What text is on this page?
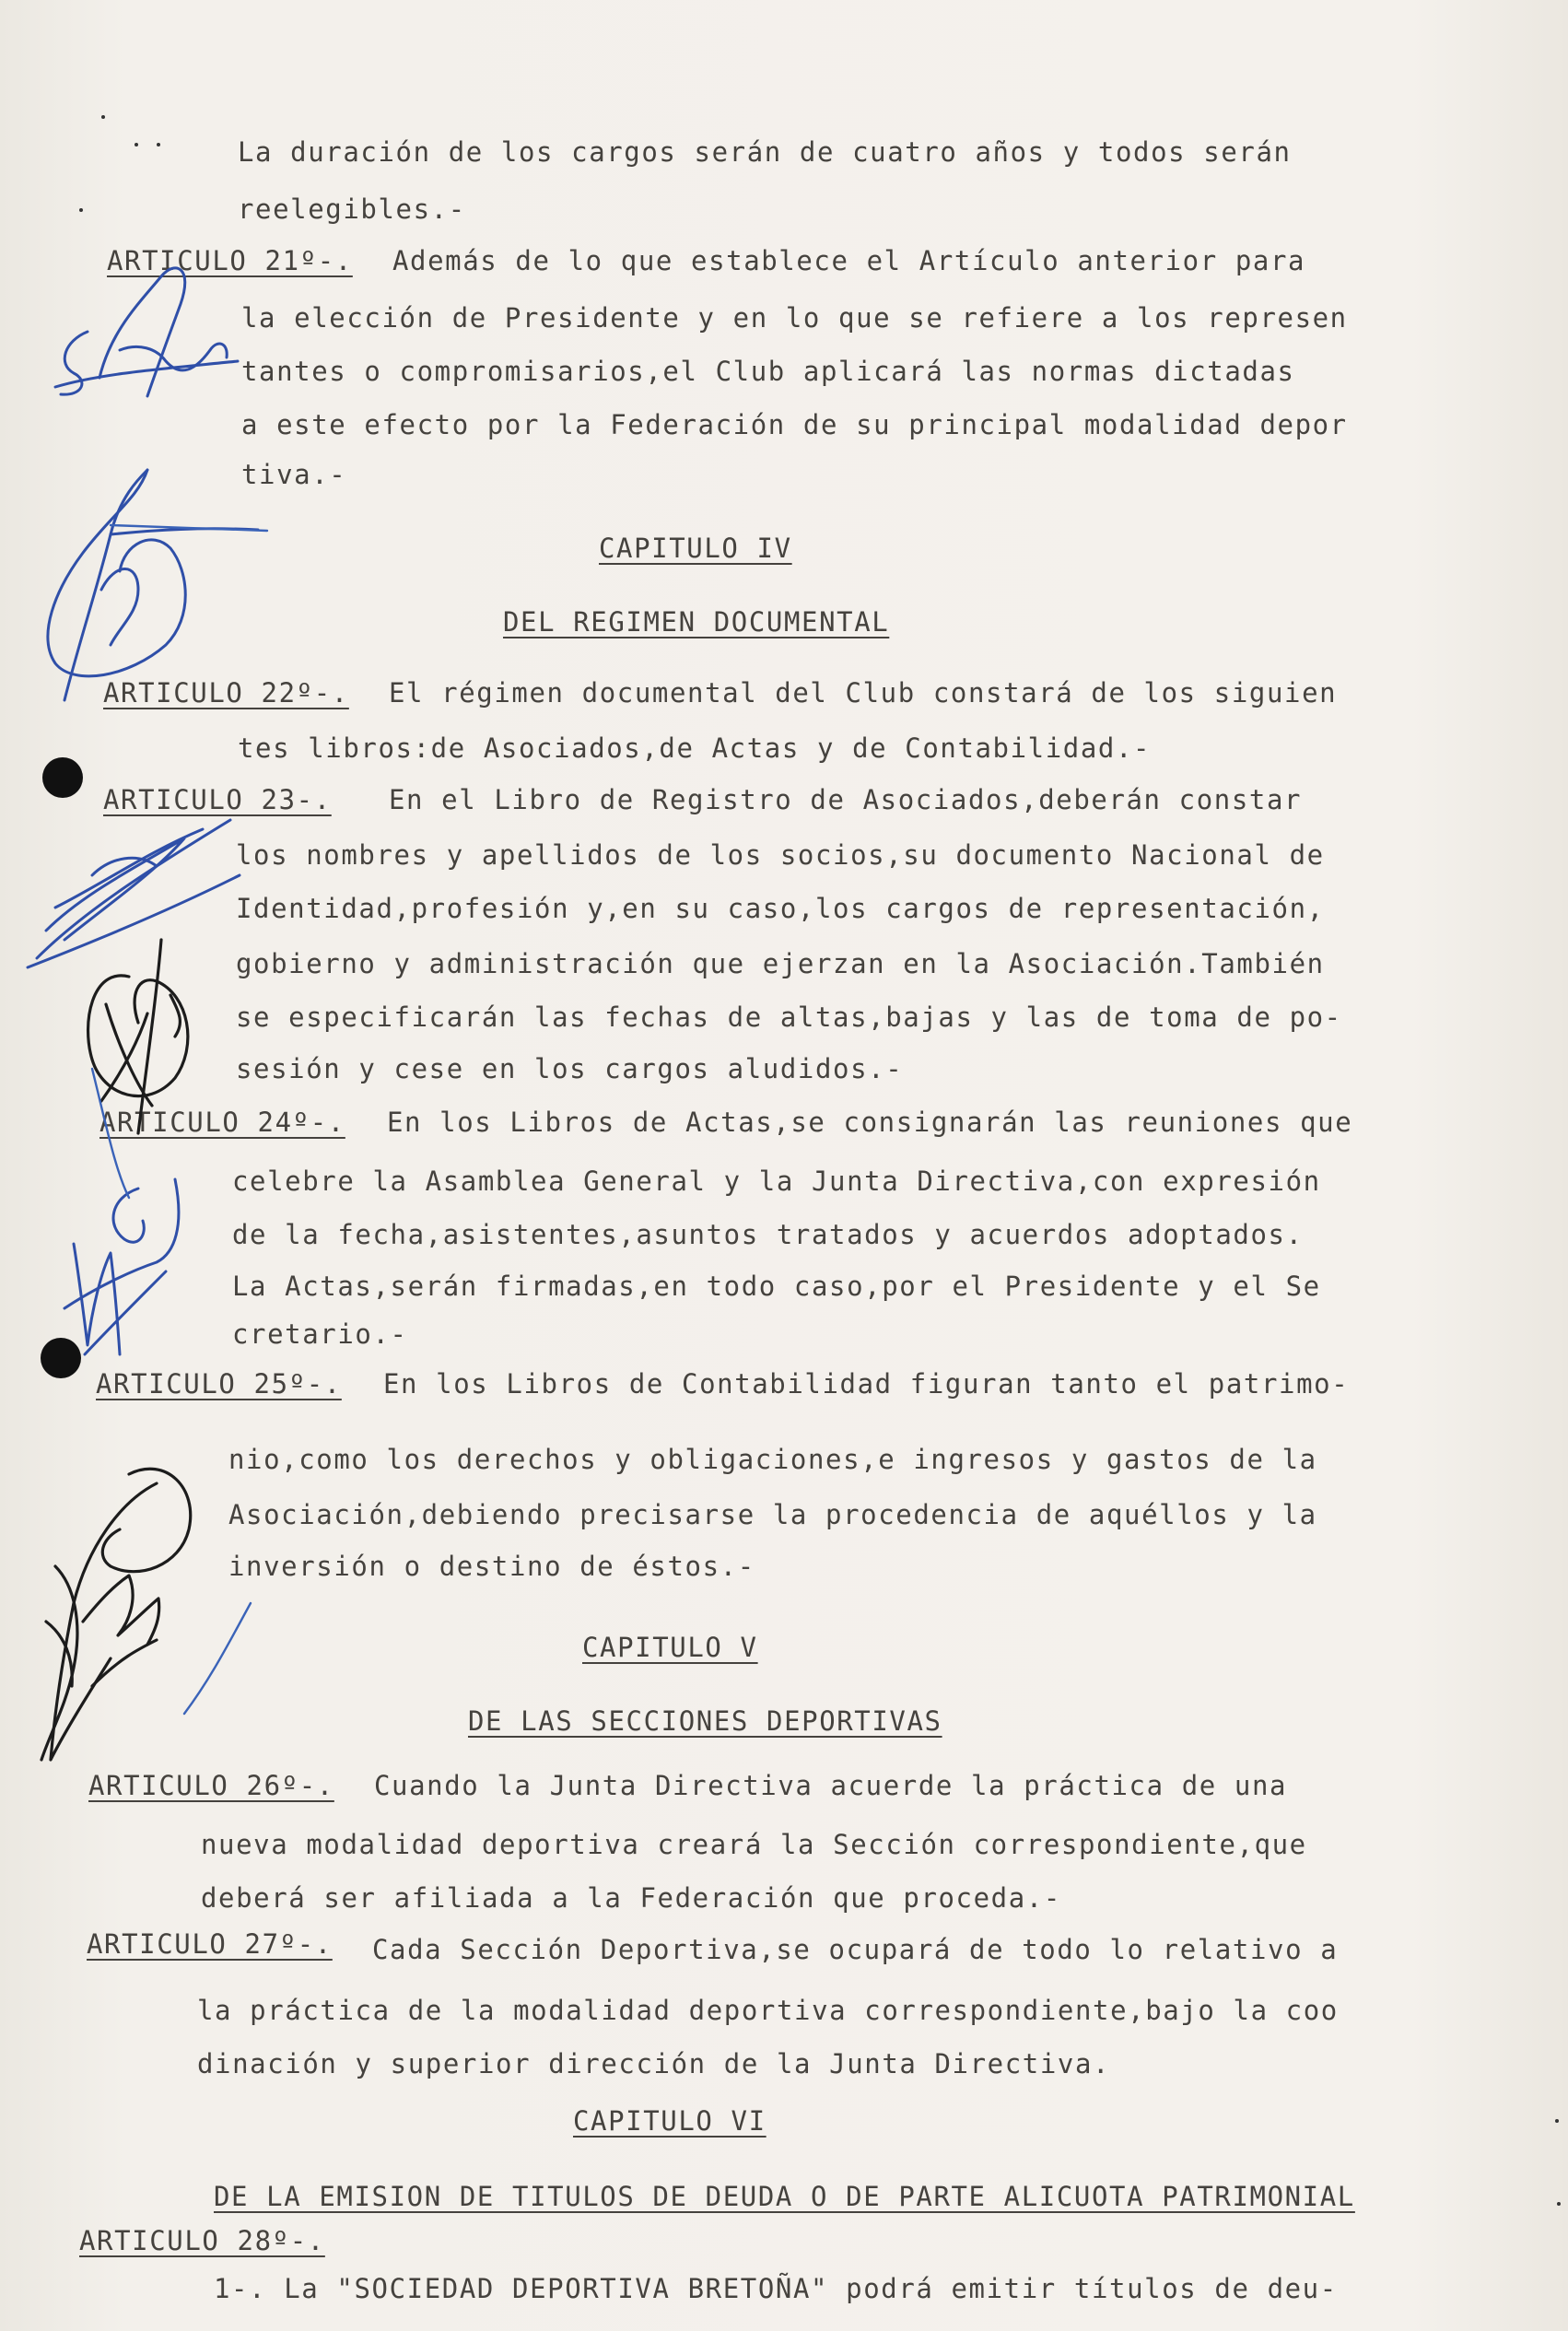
La duración de los cargos serán de cuatro años y todos serán
reelegibles.-
ARTICULO 21º-. Además de lo que establece el Artículo anterior para
la elección de Presidente y en lo que se refiere a los represen
tantes o compromisarios,el Club aplicará las normas dictadas
a este efecto por la Federación de su principal modalidad depor
tiva.-
CAPITULO IV
DEL REGIMEN DOCUMENTAL
ARTICULO 22º-. El régimen documental del Club constará de los siguien
tes libros:de Asociados,de Actas y de Contabilidad.-
ARTICULO 23-. En el Libro de Registro de Asociados,deberán constar
los nombres y apellidos de los socios,su documento Nacional de
Identidad,profesión y,en su caso,los cargos de representación,
gobierno y administración que ejerzan en la Asociación.También
se especificarán las fechas de altas,bajas y las de toma de po-
sesión y cese en los cargos aludidos.-
ARTICULO 24º-. En los Libros de Actas,se consignarán las reuniones que
celebre la Asamblea General y la Junta Directiva,con expresión
de la fecha,asistentes,asuntos tratados y acuerdos adoptados.
La Actas,serán firmadas,en todo caso,por el Presidente y el Se
cretario.-
ARTICULO 25º-. En los Libros de Contabilidad figuran tanto el patrimo-
nio,como los derechos y obligaciones,e ingresos y gastos de la
Asociación,debiendo precisarse la procedencia de aquéllos y la
inversión o destino de éstos.-
CAPITULO V
DE LAS SECCIONES DEPORTIVAS
ARTICULO 26º-. Cuando la Junta Directiva acuerde la práctica de una
nueva modalidad deportiva creará la Sección correspondiente,que
deberá ser afiliada a la Federación que proceda.-
ARTICULO 27º-. Cada Sección Deportiva,se ocupará de todo lo relativo a
la práctica de la modalidad deportiva correspondiente,bajo la coo
dinación y superior dirección de la Junta Directiva.
CAPITULO VI
DE LA EMISION DE TITULOS DE DEUDA O DE PARTE ALICUOTA PATRIMONIAL
ARTICULO 28º-.
1-. La "SOCIEDAD DEPORTIVA BRETOÑA" podrá emitir títulos de deu-
